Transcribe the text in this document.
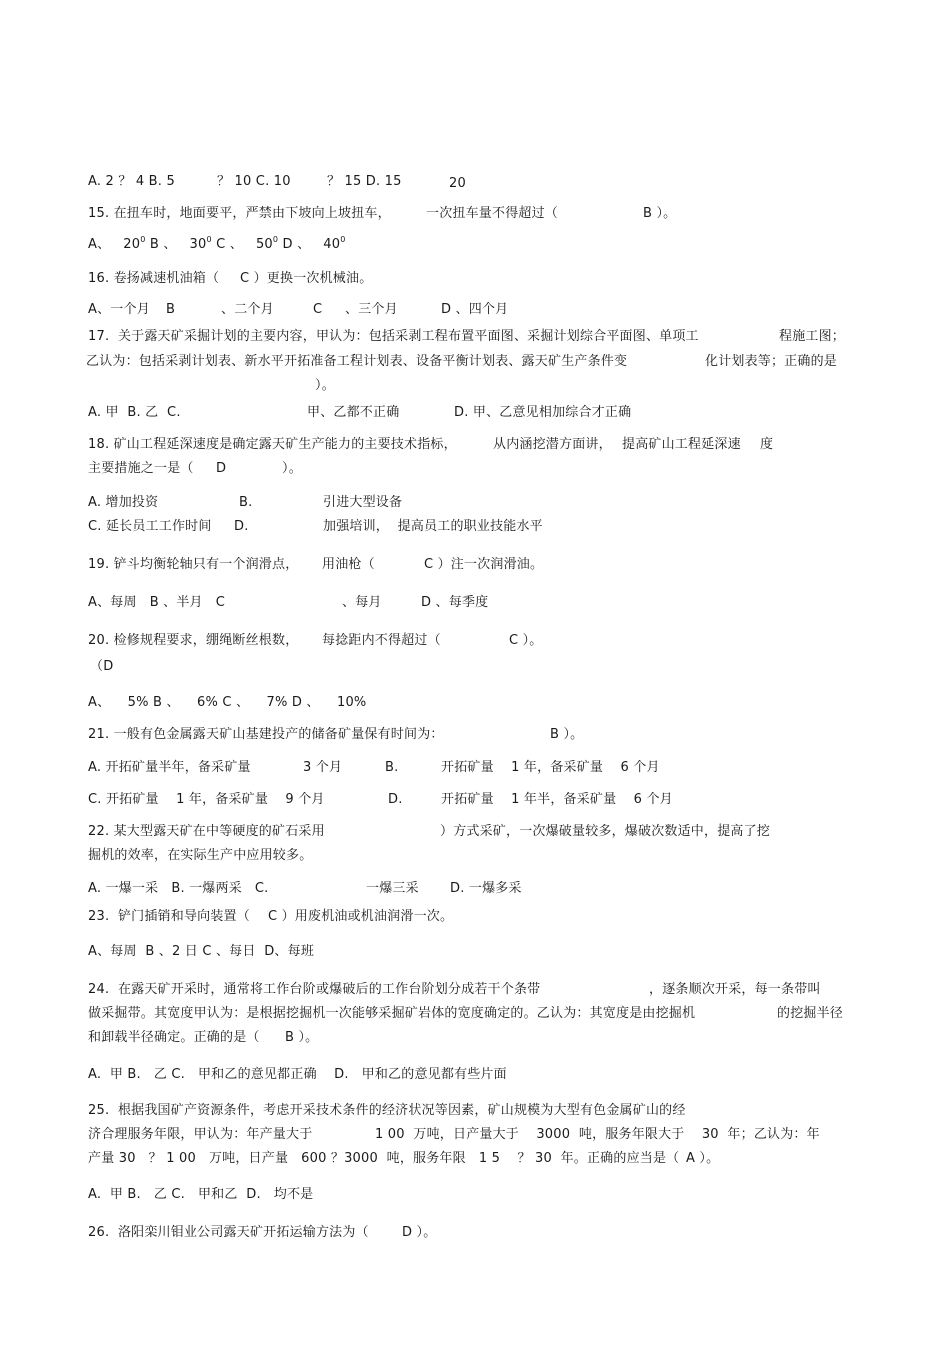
A. 2 ？ 4 B. 5	？ 10 C. 10	？ 15 D. 15	20
15. 在扭车时，地面要平，严禁由下坡向上坡扭车，	一次扭车量不得超过（	B ）。
A、 $20^0$ B 、 $30^0$ C 、 $50^0$ D 、 $40^0$
16. 卷扬减速机油箱（ C ）更换一次机械油。
A、一个月 B	、二个月	C 、三个月	D 、四个月
17.  关于露天矿采掘计划的主要内容，甲认为：包括采剥工程布置平面图、采掘计划综合平面图、单项工	程施工图；
乙认为：包括采剥计划表、新水平开拓准备工程计划表、设备平衡计划表、露天矿生产条件变	化计划表等；正确的是
）。
A. 甲  B. 乙  C.	甲、乙都不正确	D. 甲、乙意见相加综合才正确
18. 矿山工程延深速度是确定露天矿生产能力的主要技术指标，	从内涵挖潜方面讲， 提高矿山工程延深速 度
主要措施之一是（ D	）。
A. 增加投资	B.	引进大型设备
C. 延长员工工作时间 D.	加强培训，  提高员工的职业技能水平
19. 铲斗均衡轮轴只有一个润滑点， 用油枪（	C ）注一次润滑油。
A、每周   B 、半月   C	、每月	D 、每季度
20. 检修规程要求，绷绳断丝根数， 每捻距内不得超过（	C ）。
（D
A、 5% B 、 6% C 、 7% D 、 10%
21. 一般有色金属露天矿山基建投产的储备矿量保有时间为：	B ）。
A. 开拓矿量半年，备采矿量	3 个月	B.	开拓矿量    1 年，备采矿量    6 个月
C. 开拓矿量    1 年，备采矿量    9 个月	D.	开拓矿量    1 年半，备采矿量    6 个月
22. 某大型露天矿在中等硬度的矿石采用	）方式采矿，一次爆破量较多，爆破次数适中，提高了挖
掘机的效率，在实际生产中应用较多。
A. 一爆一采   B. 一爆两采   C.	一爆三采 D. 一爆多采
23.  铲门插销和导向装置（ C ）用废机油或机油润滑一次。
A、每周  B 、2 日 C 、每日  D、每班
24.  在露天矿开采时，通常将工作台阶或爆破后的工作台阶划分成若干个条带	，逐条顺次开采，每一条带叫
做采掘带。其宽度甲认为：是根据挖掘机一次能够采掘矿岩体的宽度确定的。乙认为：其宽度是由挖掘机	的挖掘半径
和卸载半径确定。正确的是（ B ）。
A.  甲 B.   乙 C.   甲和乙的意见都正确    D.   甲和乙的意见都有些片面
25.  根据我国矿产资源条件，考虑开采技术条件的经济状况等因素，矿山规模为大型有色金属矿山的经
济合理服务年限，甲认为：年产量大于	1 00  万吨，日产量大于    3000  吨，服务年限大于    30  年；乙认为：年
产量 30   ？ 1 00   万吨，日产量   600 ？3000  吨，服务年限   1 5    ？ 30  年。正确的应当是（ A ）。
A.  甲 B.   乙 C.   甲和乙  D.   均不是
26.  洛阳栾川钼业公司露天矿开拓运输方法为（	D ）。
